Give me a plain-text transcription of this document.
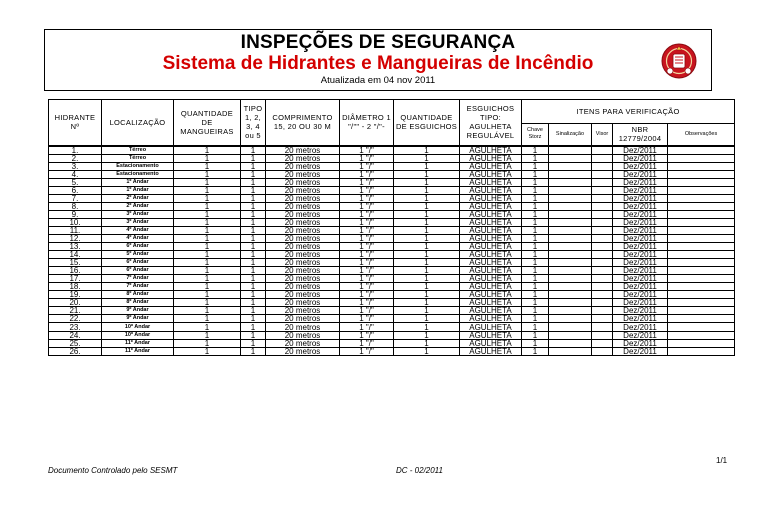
INSPEÇÕES DE SEGURANÇA
Sistema de Hidrantes e Mangueiras de Incêndio
Atualizada em 04 nov 2011
HIDRANTE Nº	LOCALIZAÇÃO	QUANTIDADE DE MANGUEIRAS	TIPO 1, 2, 3, 4 ou 5	COMPRIMENTO 15, 20 OU 30 M	DIÂMETRO 1 "/"" - 2 "/"-	QUANTIDADE DE ESGUICHOS	ESGUICHOS TIPO: AGULHETA REGULÁVEL	ITENS PARA VERIFICAÇÃO				
								Chave Storz	Sinalização	Visor	NBR 12779/2004	Observações
1.	Térreo	1	1	20 metros	1 "/"	1	AGULHETA	1			Dez/2011	
2.	Térreo	1	1	20 metros	1 "/"	1	AGULHETA	1			Dez/2011	
3.	Estacionamento	1	1	20 metros	1 "/"	1	AGULHETA	1			Dez/2011	
4.	Estacionamento	1	1	20 metros	1 "/"	1	AGULHETA	1			Dez/2011	
5.	1º Andar	1	1	20 metros	1 "/"	1	AGULHETA	1			Dez/2011	
6.	1º Andar	1	1	20 metros	1 "/"	1	AGULHETA	1			Dez/2011	
7.	2º Andar	1	1	20 metros	1 "/"	1	AGULHETA	1			Dez/2011	
8.	2º Andar	1	1	20 metros	1 "/"	1	AGULHETA	1			Dez/2011	
9.	3º Andar	1	1	20 metros	1 "/"	1	AGULHETA	1			Dez/2011	
10.	3º Andar	1	1	20 metros	1 "/"	1	AGULHETA	1			Dez/2011	
11.	4º Andar	1	1	20 metros	1 "/"	1	AGULHETA	1			Dez/2011	
12.	4º Andar	1	1	20 metros	1 "/"	1	AGULHETA	1			Dez/2011	
13.	6º Andar	1	1	20 metros	1 "/"	1	AGULHETA	1			Dez/2011	
14.	5º Andar	1	1	20 metros	1 "/"	1	AGULHETA	1			Dez/2011	
15.	6º Andar	1	1	20 metros	1 "/"	1	AGULHETA	1			Dez/2011	
16.	6º Andar	1	1	20 metros	1 "/"	1	AGULHETA	1			Dez/2011	
17.	7º Andar	1	1	20 metros	1 "/"	1	AGULHETA	1			Dez/2011	
18.	7º Andar	1	1	20 metros	1 "/"	1	AGULHETA	1			Dez/2011	
19.	8º Andar	1	1	20 metros	1 "/"	1	AGULHETA	1			Dez/2011	
20.	8º Andar	1	1	20 metros	1 "/"	1	AGULHETA	1			Dez/2011	
21.	9º Andar	1	1	20 metros	1 "/"	1	AGULHETA	1			Dez/2011	
22.	9º Andar	1	1	20 metros	1 "/"	1	AGULHETA	1			Dez/2011	
23.	10º Andar	1	1	20 metros	1 "/"	1	AGULHETA	1			Dez/2011	
24.	10º Andar	1	1	20 metros	1 "/"	1	AGULHETA	1			Dez/2011	
25.	11º Andar	1	1	20 metros	1 "/"	1	AGULHETA	1			Dez/2011	
26.	11º Andar	1	1	20 metros	1 "/"	1	AGULHETA	1			Dez/2011	
1/1
Documento Controlado pelo SESMT	DC - 02/2011
